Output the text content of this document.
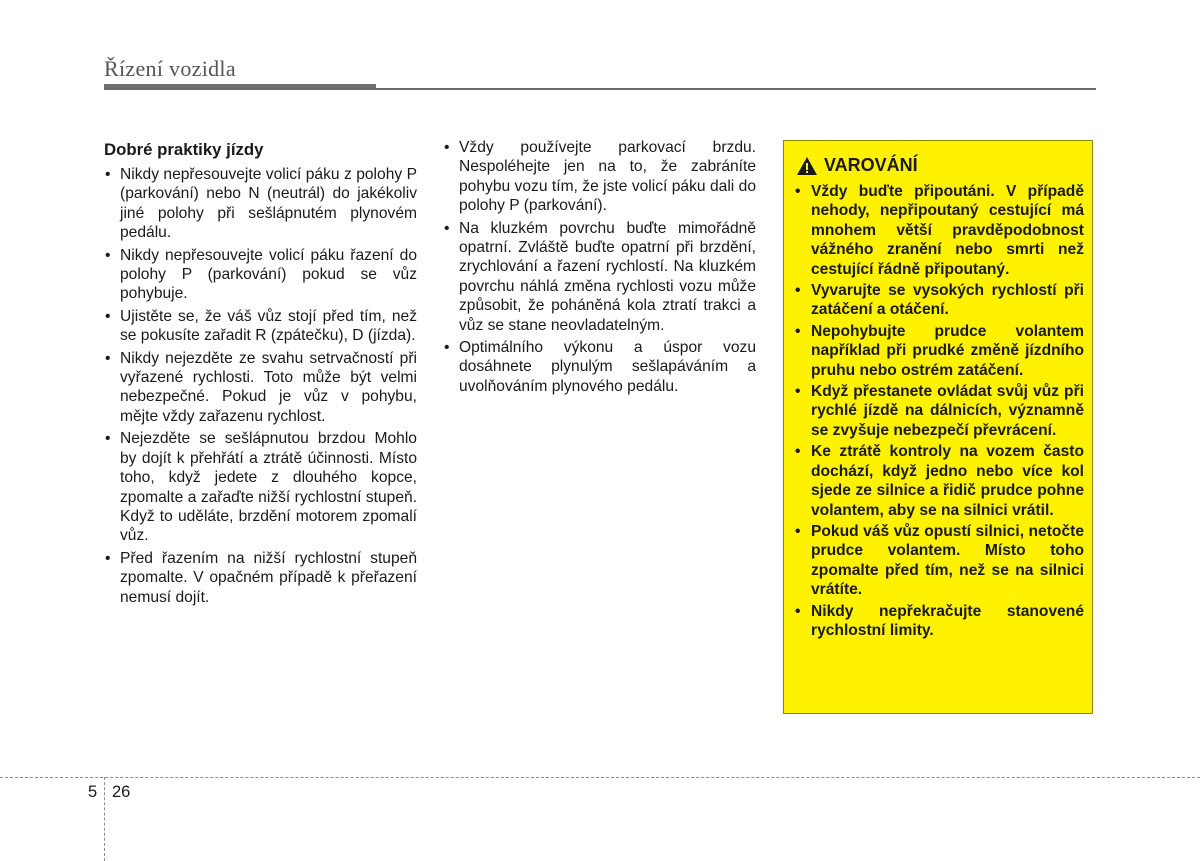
Řízení vozidla
Dobré praktiky jízdy
• Nikdy nepřesouvejte volicí páku z polohy P (parkování) nebo N (neutrál) do jakékoliv jiné polohy při sešlápnutém plynovém pedálu.
• Nikdy nepřesouvejte volicí páku řazení do polohy P (parkování) pokud se vůz pohybuje.
• Ujistěte se, že váš vůz stojí před tím, než se pokusíte zařadit R (zpátečku), D (jízda).
• Nikdy nejezděte ze svahu setrvačností při vyřazené rychlosti. Toto může být velmi nebezpečné. Pokud je vůz v pohybu, mějte vždy zařazenu rychlost.
• Nejezděte se sešlápnutou brzdou Mohlo by dojít k přehřátí a ztrátě účinnosti. Místo toho, když jedete z dlouhého kopce, zpomalte a zařaďte nižší rychlostní stupeň. Když to uděláte, brzdění motorem zpomalí vůz.
• Před řazením na nižší rychlostní stupeň zpomalte. V opačném případě k přeřazení nemusí dojít.
• Vždy používejte parkovací brzdu. Nespoléhejte jen na to, že zabráníte pohybu vozu tím, že jste volicí páku dali do polohy P (parkování).
• Na kluzkém povrchu buďte mimořádně opatrní. Zvláště buďte opatrní při brzdění, zrychlování a řazení rychlostí. Na kluzkém povrchu náhlá změna rychlosti vozu může způsobit, že poháněná kola ztratí trakci a vůz se stane neovladatelným.
• Optimálního výkonu a úspor vozu dosáhnete plynulým sešlapáváním a uvolňováním plynového pedálu.
VAROVÁNÍ
• Vždy buďte připoutáni. V případě nehody, nepřipoutaný cestující má mnohem větší pravděpodobnost vážného zranění nebo smrti než cestující řádně připoutaný.
• Vyvarujte se vysokých rychlostí při zatáčení a otáčení.
• Nepohybujte prudce volantem například při prudké změně jízdního pruhu nebo ostrém zatáčení.
• Když přestanete ovládat svůj vůz při rychlé jízdě na dálnicích, významně se zvyšuje nebezpečí převrácení.
• Ke ztrátě kontroly na vozem často dochází, když jedno nebo více kol sjede ze silnice a řidič prudce pohne volantem, aby se na silnici vrátil.
• Pokud váš vůz opustí silnici, netočte prudce volantem. Místo toho zpomalte před tím, než se na silnici vrátíte.
• Nikdy nepřekračujte stanovené rychlostní limity.
5 26
